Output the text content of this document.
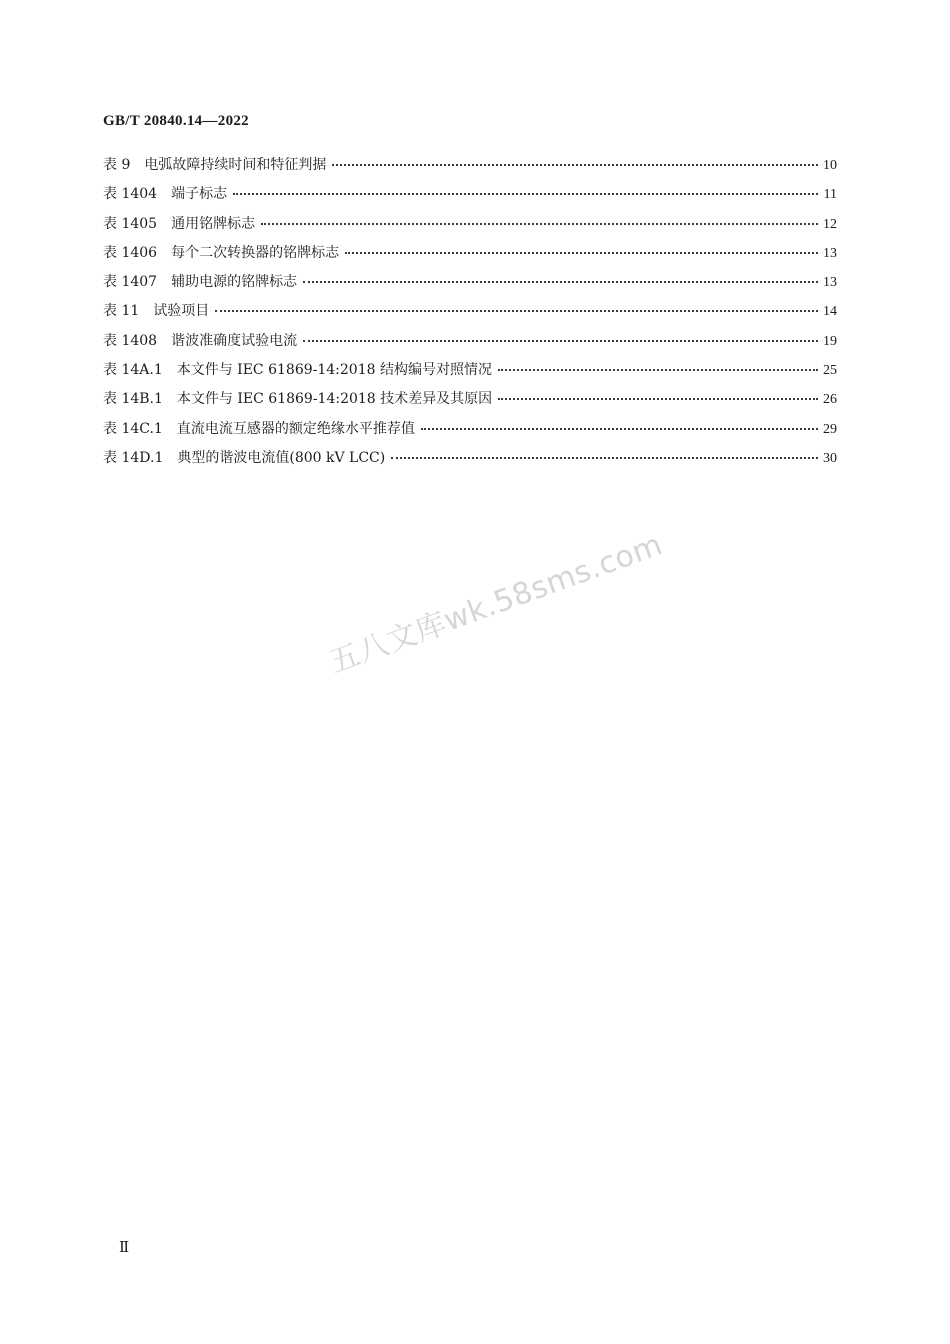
GB/T 20840.14—2022
表 9 电弧故障持续时间和特征判据	10
表 1404 端子标志	11
表 1405 通用铭牌标志	12
表 1406 每个二次转换器的铭牌标志	13
表 1407 辅助电源的铭牌标志	13
表 11 试验项目	14
表 1408 谐波准确度试验电流	19
表 14A.1 本文件与 IEC 61869-14:2018 结构编号对照情况	25
表 14B.1 本文件与 IEC 61869-14:2018 技术差异及其原因	26
表 14C.1 直流电流互感器的额定绝缘水平推荐值	29
表 14D.1 典型的谐波电流值(800 kV LCC)	30
五八文库wk.58sms.com
Ⅱ
